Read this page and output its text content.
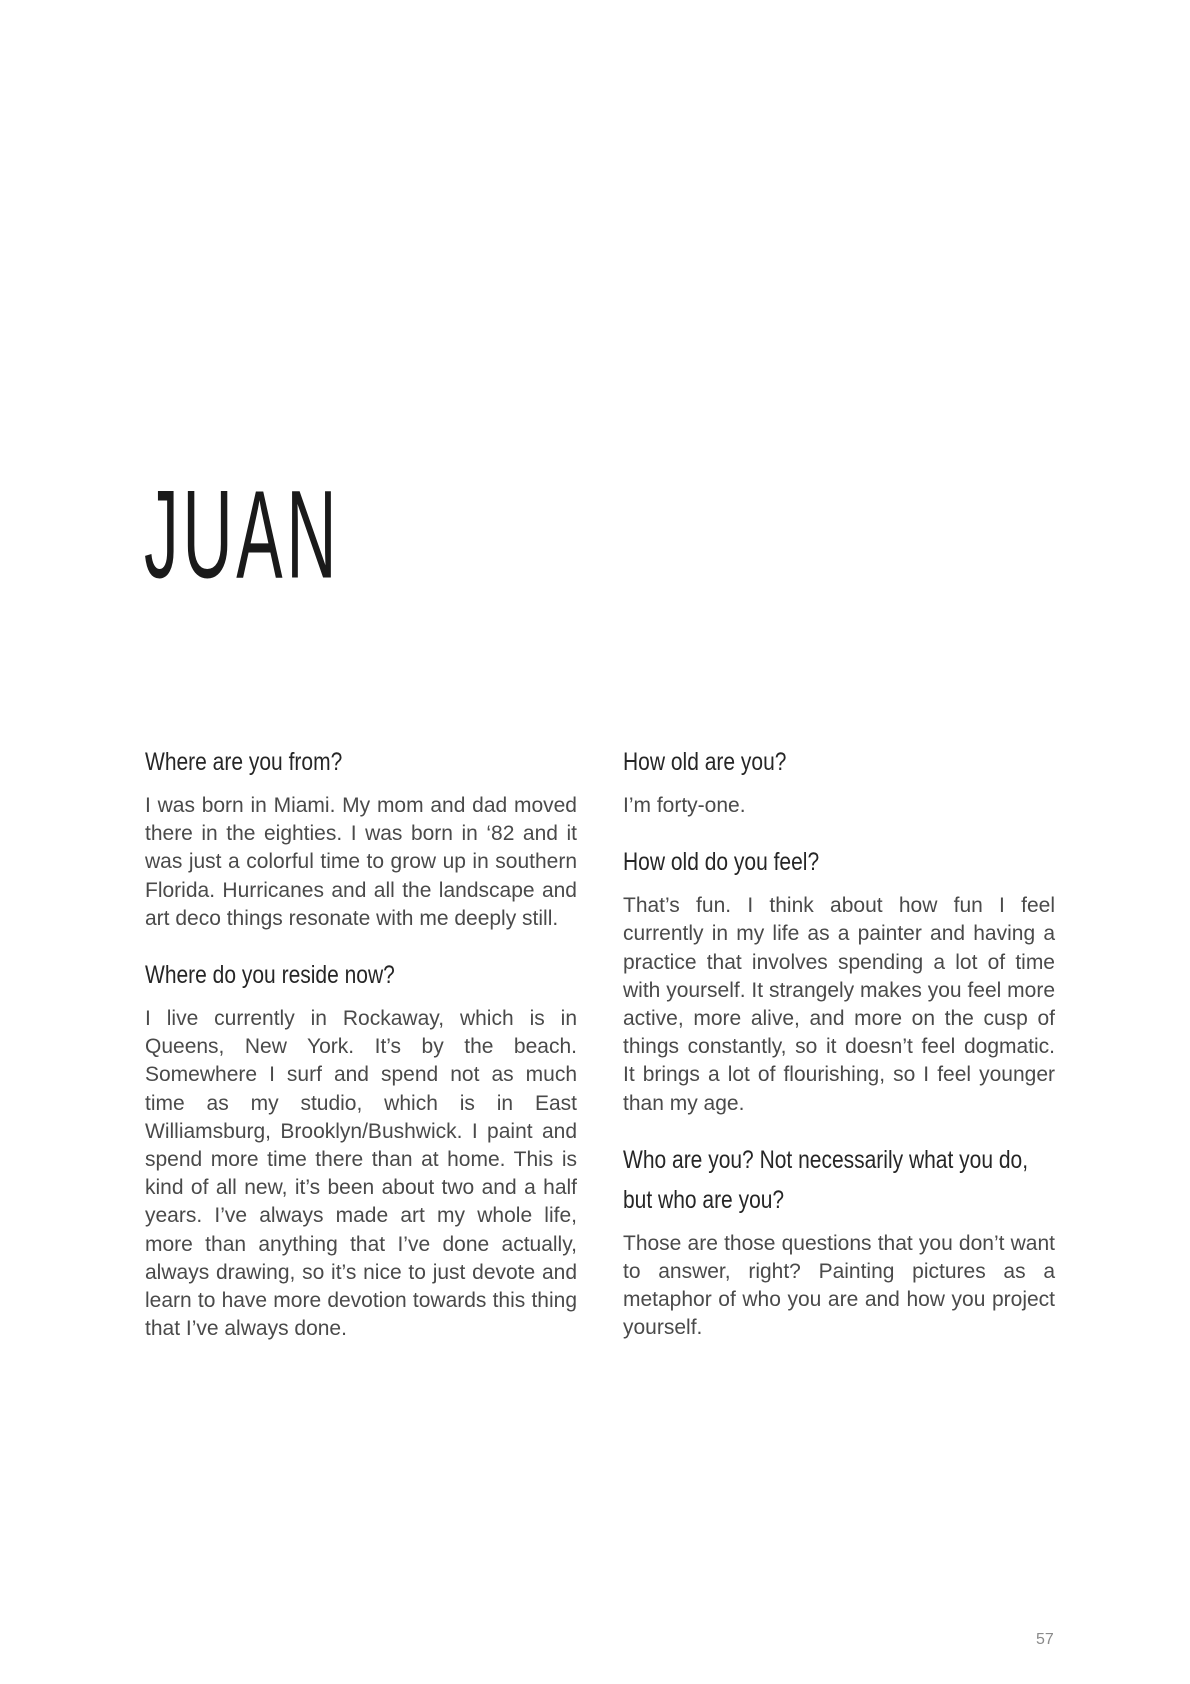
JUAN
Where are you from?

I was born in Miami. My mom and dad moved there in the eighties. I was born in ‘82 and it was just a colorful time to grow up in southern Florida. Hurricanes and all the landscape and art deco things resonate with me deeply still.

Where do you reside now?

I live currently in Rockaway, which is in Queens, New York. It’s by the beach. Somewhere I surf and spend not as much time as my studio, which is in East Williamsburg, Brooklyn/Bushwick. I paint and spend more time there than at home. This is kind of all new, it’s been about two and a half years. I’ve always made art my whole life, more than anything that I’ve done actually, always drawing, so it’s nice to just devote and learn to have more devotion towards this thing that I’ve always done.

How old are you?

I’m forty-one.

How old do you feel?

That’s fun. I think about how fun I feel currently in my life as a painter and having a practice that involves spending a lot of time with yourself. It strangely makes you feel more active, more alive, and more on the cusp of things constantly, so it doesn’t feel dogmatic. It brings a lot of flourishing, so I feel younger than my age.

Who are you? Not necessarily what you do, but who are you?

Those are those questions that you don’t want to answer, right? Painting pictures as a metaphor of who you are and how you project yourself.

57
